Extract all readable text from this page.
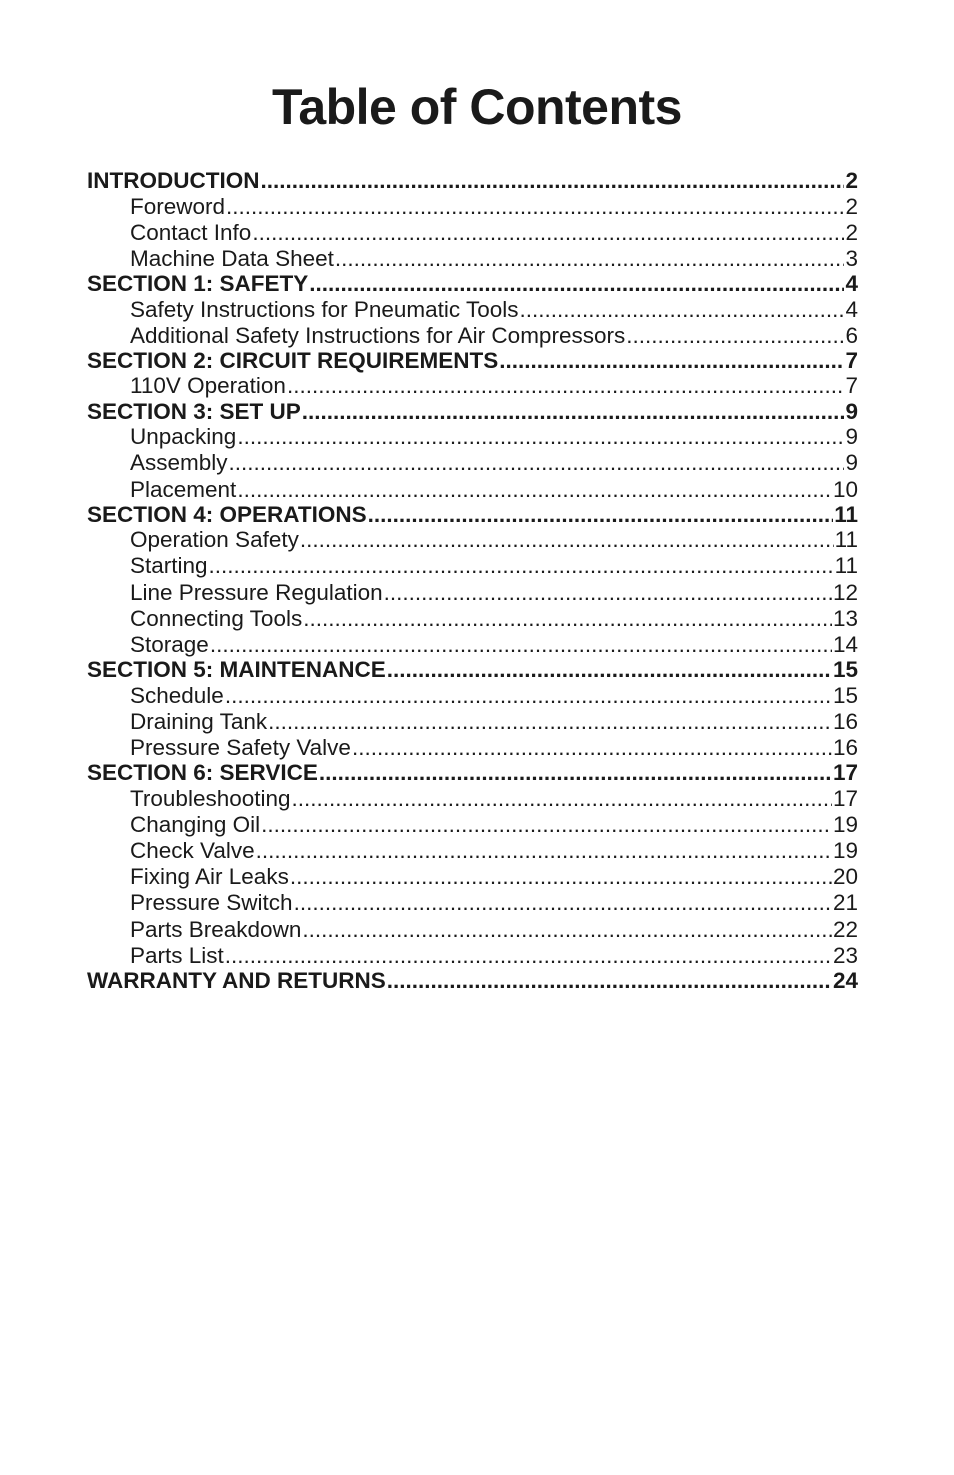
Table of Contents
INTRODUCTION .....	2
Foreword .....	2
Contact Info .....	2
Machine Data Sheet .....	3
SECTION 1: SAFETY .....	4
Safety Instructions for Pneumatic Tools .....	4
Additional Safety Instructions for Air Compressors .....	6
SECTION 2: CIRCUIT REQUIREMENTS .....	7
110V Operation .....	7
SECTION 3: SET UP .....	9
Unpacking .....	9
Assembly .....	9
Placement .....	10
SECTION 4: OPERATIONS .....	11
Operation Safety .....	11
Starting .....	11
Line Pressure Regulation .....	12
Connecting Tools .....	13
Storage .....	14
SECTION 5: MAINTENANCE .....	15
Schedule .....	15
Draining Tank .....	16
Pressure Safety Valve .....	16
SECTION 6: SERVICE .....	17
Troubleshooting .....	17
Changing Oil .....	19
Check Valve .....	19
Fixing Air Leaks .....	20
Pressure Switch .....	21
Parts Breakdown .....	22
Parts List .....	23
WARRANTY AND RETURNS .....	24
